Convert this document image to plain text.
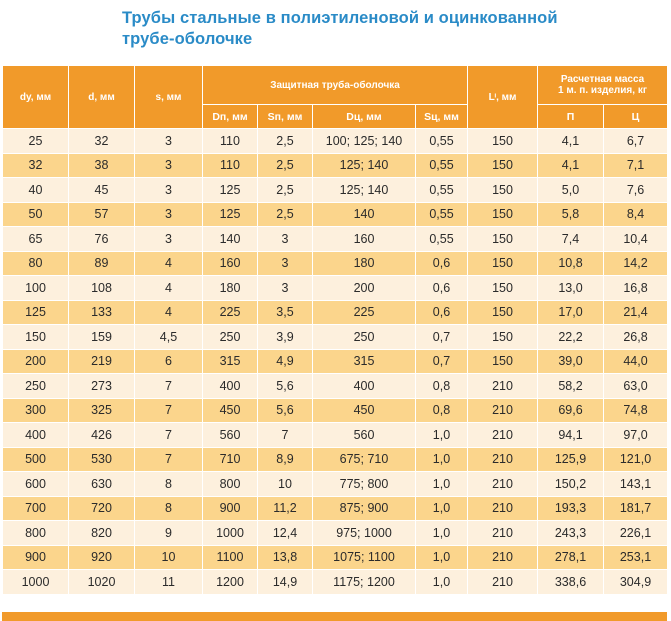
Трубы стальные в полиэтиленовой и оцинкованной
трубе-оболочке
dy, мм	d, мм	s, мм	Защитная труба-оболочка				Lᶦ, мм	Расчетная масса
1 м. п. изделия, кг	

			Dп, мм	Sп, мм	Dц, мм	Sц, мм		П	Ц
25	32	3	110	2,5	100; 125; 140	0,55	150	4,1	6,7
32	38	3	110	2,5	125; 140	0,55	150	4,1	7,1
40	45	3	125	2,5	125; 140	0,55	150	5,0	7,6
50	57	3	125	2,5	140	0,55	150	5,8	8,4
65	76	3	140	3	160	0,55	150	7,4	10,4
80	89	4	160	3	180	0,6	150	10,8	14,2
100	108	4	180	3	200	0,6	150	13,0	16,8
125	133	4	225	3,5	225	0,6	150	17,0	21,4
150	159	4,5	250	3,9	250	0,7	150	22,2	26,8
200	219	6	315	4,9	315	0,7	150	39,0	44,0
250	273	7	400	5,6	400	0,8	210	58,2	63,0
300	325	7	450	5,6	450	0,8	210	69,6	74,8
400	426	7	560	7	560	1,0	210	94,1	97,0
500	530	7	710	8,9	675; 710	1,0	210	125,9	121,0
600	630	8	800	10	775; 800	1,0	210	150,2	143,1
700	720	8	900	11,2	875; 900	1,0	210	193,3	181,7
800	820	9	1000	12,4	975; 1000	1,0	210	243,3	226,1
900	920	10	1100	13,8	1075; 1100	1,0	210	278,1	253,1
1000	1020	11	1200	14,9	1175; 1200	1,0	210	338,6	304,9
